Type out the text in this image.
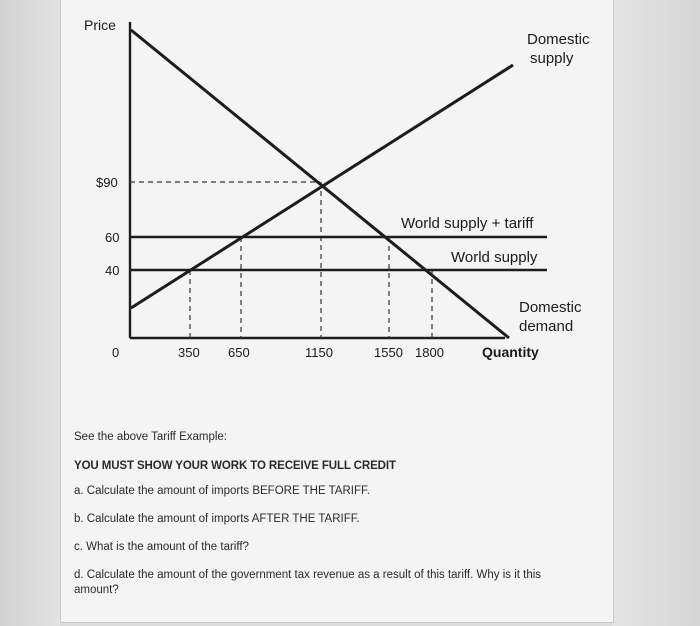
Price
Quantity
0
$90
60
40
350 650	1150	1550 1800
Domestic
supply
World supply + tariff
World supply
Domestic
demand

See the above Tariff Example:

YOU MUST SHOW YOUR WORK TO RECEIVE FULL CREDIT

a. Calculate the amount of imports BEFORE THE TARIFF.

b. Calculate the amount of imports AFTER THE TARIFF.

c. What is the amount of the tariff?

d. Calculate the amount of the government tax revenue as a result of this tariff. Why is it this amount?
